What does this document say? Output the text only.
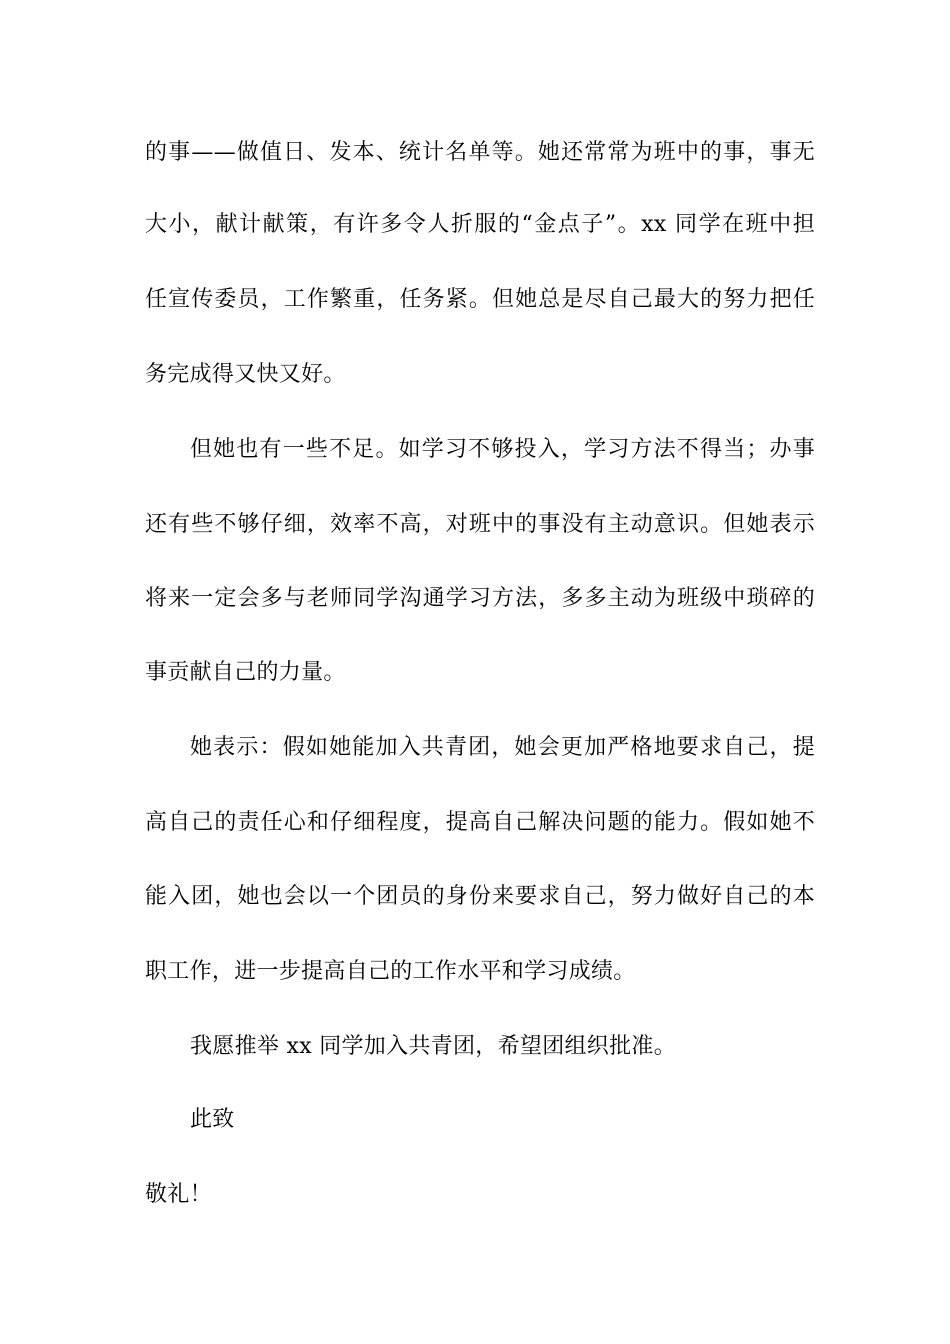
的事——做值日、发本、统计名单等。她还常常为班中的事，事无
大小，献计献策，有许多令人折服的“金点子”。xx 同学在班中担
任宣传委员，工作繁重，任务紧。但她总是尽自己最大的努力把任
务完成得又快又好。
但她也有一些不足。如学习不够投入，学习方法不得当；办事
还有些不够仔细，效率不高，对班中的事没有主动意识。但她表示
将来一定会多与老师同学沟通学习方法，多多主动为班级中琐碎的
事贡献自己的力量。
她表示：假如她能加入共青团，她会更加严格地要求自己，提
高自己的责任心和仔细程度，提高自己解决问题的能力。假如她不
能入团，她也会以一个团员的身份来要求自己，努力做好自己的本
职工作，进一步提高自己的工作水平和学习成绩。
我愿推举 xx 同学加入共青团，希望团组织批准。
此致
敬礼！
